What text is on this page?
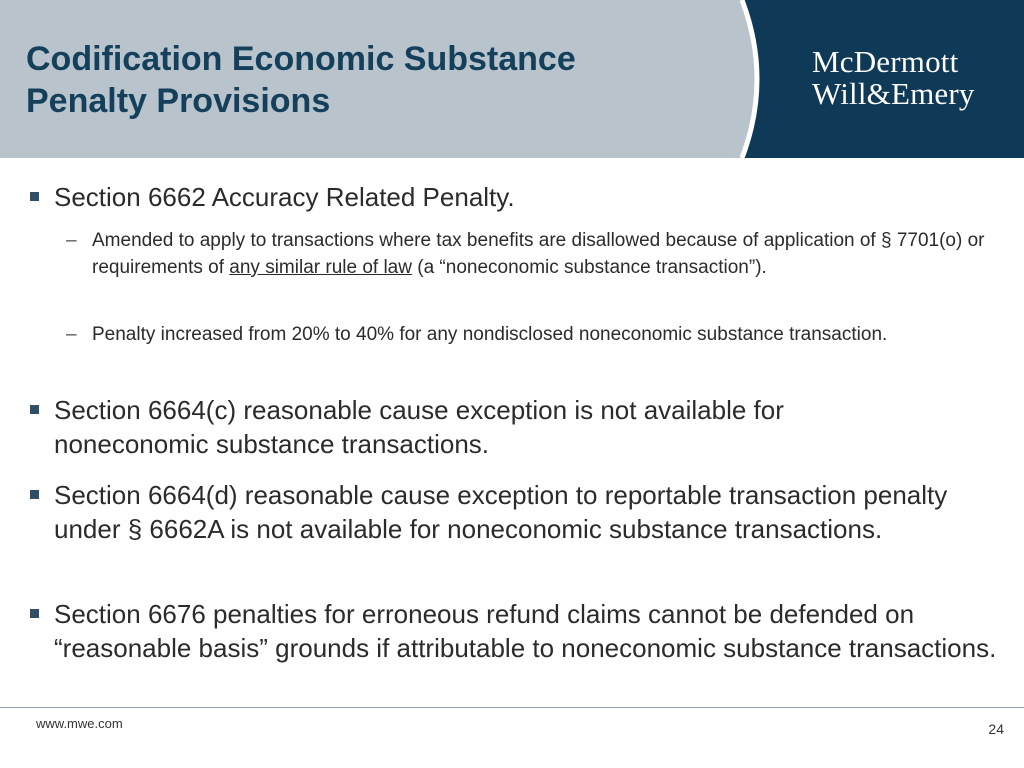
Codification Economic Substance
Penalty Provisions
McDermott
Will&Emery
Section 6662 Accuracy Related Penalty.
– Amended to apply to transactions where tax benefits are disallowed because of application of § 7701(o) or requirements of any similar rule of law (a “noneconomic substance transaction”).
– Penalty increased from 20% to 40% for any nondisclosed noneconomic substance transaction.
Section 6664(c) reasonable cause exception is not available for noneconomic substance transactions.
Section 6664(d) reasonable cause exception to reportable transaction penalty under § 6662A is not available for noneconomic substance transactions.
Section 6676 penalties for erroneous refund claims cannot be defended on “reasonable basis” grounds if attributable to noneconomic substance transactions.
www.mwe.com	24
